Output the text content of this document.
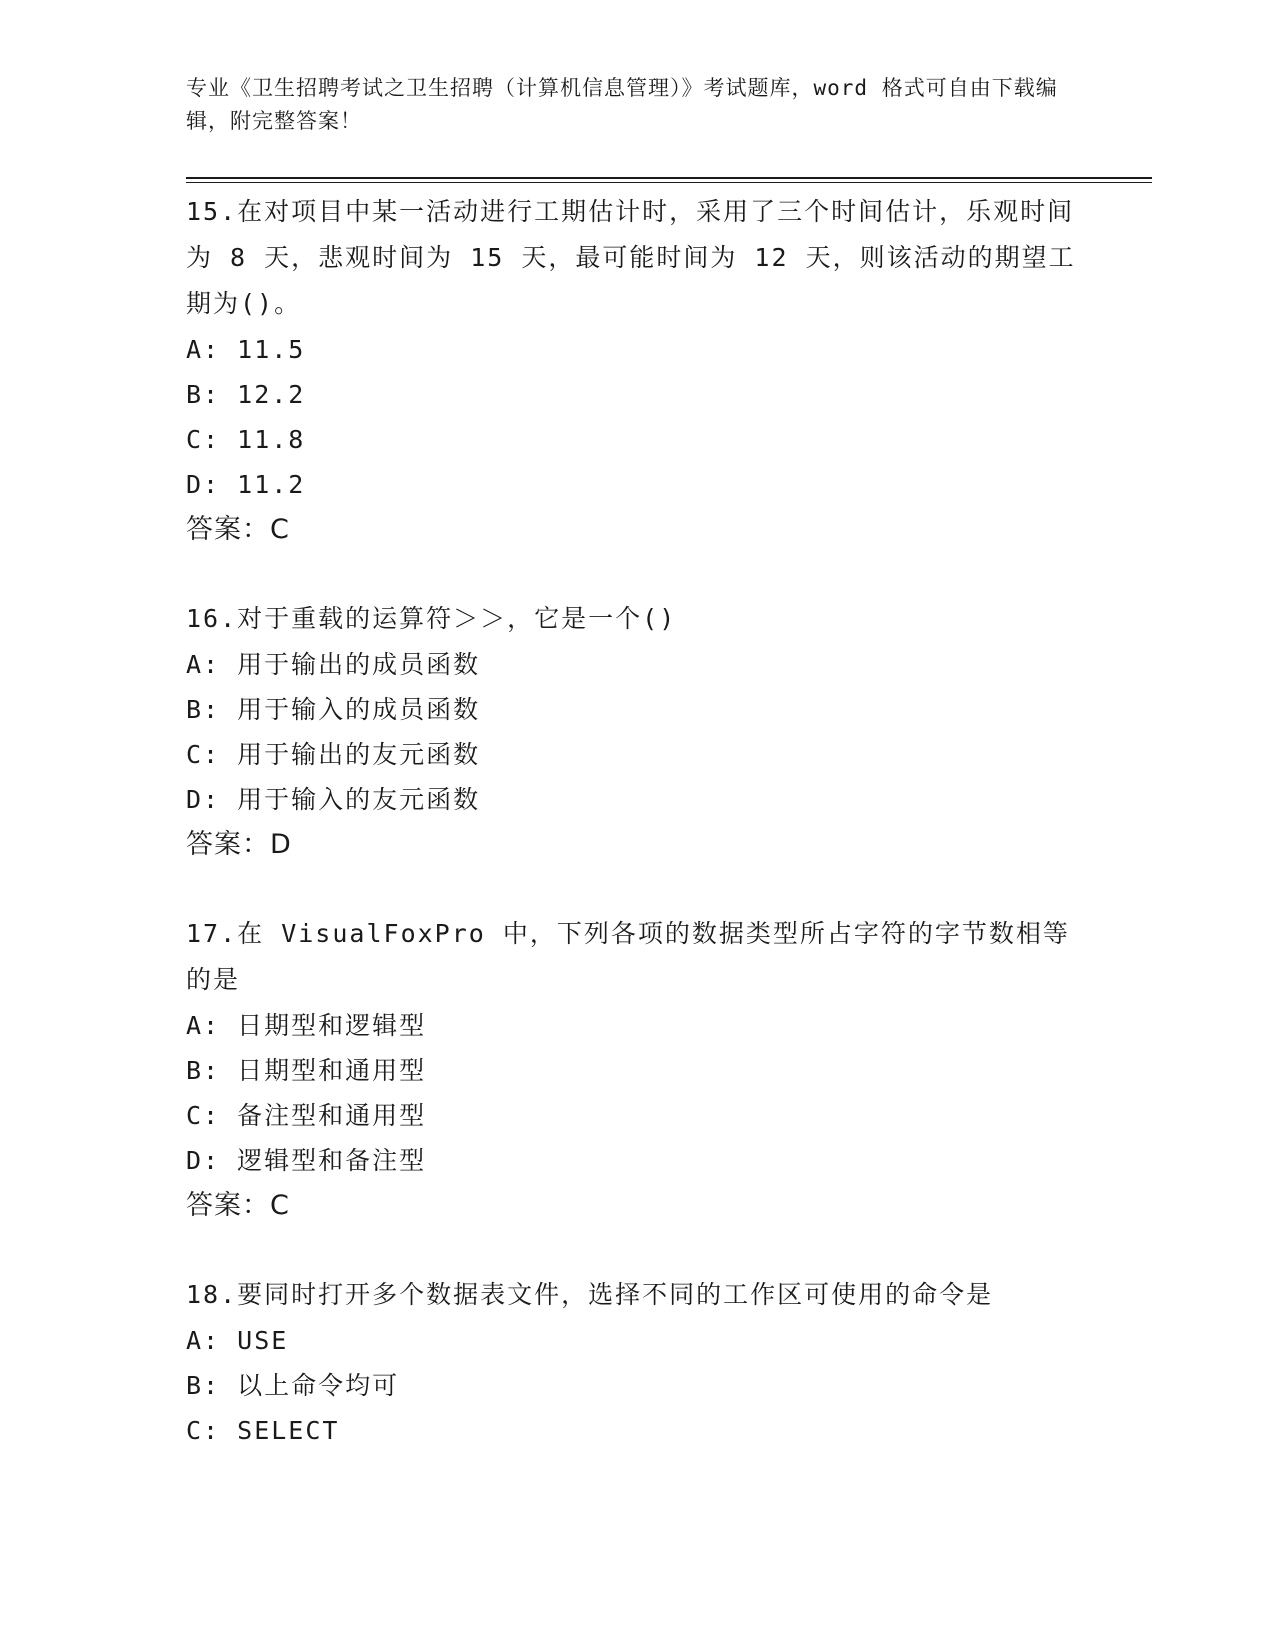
专业《卫生招聘考试之卫生招聘（计算机信息管理）》考试题库，word 格式可自由下载编辑，附完整答案！
15.在对项目中某一活动进行工期估计时，采用了三个时间估计，乐观时间为 8 天，悲观时间为 15 天，最可能时间为 12 天，则该活动的期望工期为()。
A: 11.5
B: 12.2
C: 11.8
D: 11.2
答案：C
16.对于重载的运算符＞＞，它是一个()
A: 用于输出的成员函数
B: 用于输入的成员函数
C: 用于输出的友元函数
D: 用于输入的友元函数
答案：D
17.在 VisualFoxPro 中，下列各项的数据类型所占字符的字节数相等的是
A: 日期型和逻辑型
B: 日期型和通用型
C: 备注型和通用型
D: 逻辑型和备注型
答案：C
18.要同时打开多个数据表文件，选择不同的工作区可使用的命令是
A: USE
B: 以上命令均可
C: SELECT
